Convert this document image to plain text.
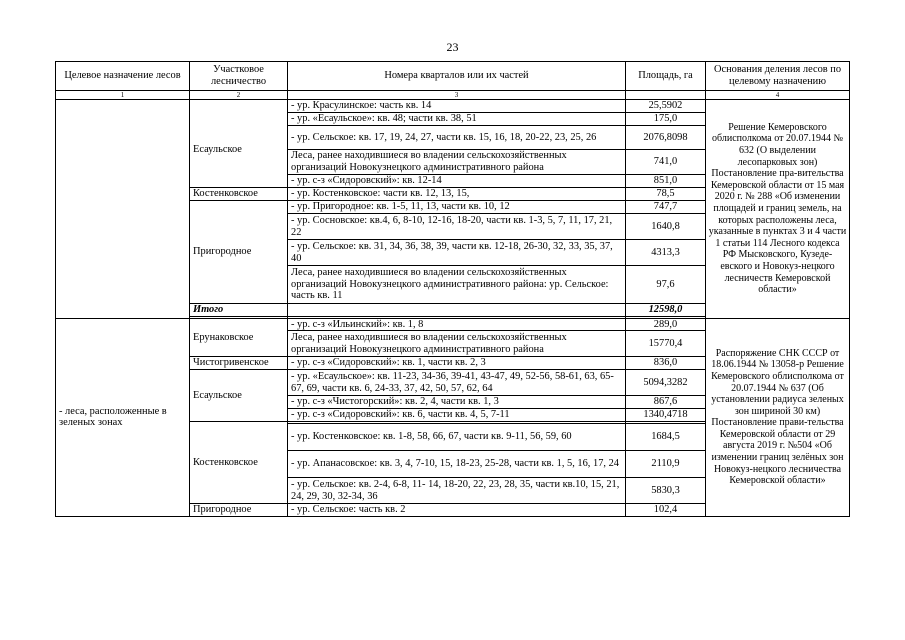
23
Целевое назначение лесов	Участковое лесничество	Номера кварталов или их частей	Площадь, га	Основания деления лесов по целевому назначению
1	2	3		4
		- ур. Красулинское: часть кв. 14	25,5902	Решение Кемеровского облисполкома от 20.07.1944 № 632 (О выделении лесопарковых зон) Постановление пра-вительства Кемеровской области от 15 мая 2020 г. № 288 «Об изменении площадей и границ земель, на которых расположены леса, указанные в пунктах 3 и 4 части 1 статьи 114 Лесного кодекса РФ Мысковского, Кузеде-евского и Новокуз-нецкого лесничеств Кемеровской области»
	Есаульское	- ур. «Есаульское»: кв. 48; части кв. 38, 51	175,0	
		- ур. Сельское: кв. 17, 19, 24, 27, части кв. 15, 16, 18, 20-22, 23, 25, 26	2076,8098	
		Леса, ранее находившиеся во владении сельскохозяйственных организаций Новокузнецкого административного района	741,0	
		- ур. с-з «Сидоровский»: кв. 12-14	851,0	
	Костенковское	- ур. Костенковское: части кв. 12, 13, 15,	78,5	
	Пригородное	- ур. Пригородное: кв. 1-5, 11, 13, части кв. 10, 12	747,7	
		- ур. Сосновское: кв.4, 6, 8-10, 12-16, 18-20, части кв. 1-3, 5, 7, 11, 17, 21, 22	1640,8	
		- ур. Сельское: кв. 31, 34, 36, 38, 39, части кв. 12-18, 26-30, 32, 33, 35, 37, 40	4313,3	
		Леса, ранее находившиеся во владении сельскохозяйственных организаций Новокузнецкого административного района: ур. Сельское: часть кв. 11	97,6	
	Итого		12598,0	

- леса, расположенные в зеленых зонах	Ерунаковское	- ур. с-з «Ильинский»: кв. 1, 8	289,0	Распоряжение СНК СССР от 18.06.1944 № 13058-р Решение Кемеровского облисполкома от 20.07.1944 № 637 (Об установлении радиуса зеленых зон шириной 30 км) Постановление прави-тельства Кемеровской области от 29 августа 2019 г. №504 «Об изменении границ зелёных зон Новокуз-нецкого лесничества Кемеровской области»
		Леса, ранее находившиеся во владении сельскохозяйственных организаций Новокузнецкого административного района	15770,4	
	Чистогривенское	- ур. с-з «Сидоровский»: кв. 1, части кв. 2, 3	836,0	
	Есаульское	- ур. «Есаульское»: кв. 11-23, 34-36, 39-41, 43-47, 49, 52-56, 58-61, 63, 65-67, 69, части кв. 6, 24-33, 37, 42, 50, 57, 62, 64	5094,3282	
		- ур. с-з «Чистогорский»: кв. 2, 4, части кв. 1, 3	867,6	
		- ур. с-з «Сидоровский»: кв. 6, части кв. 4, 5, 7-11	1340,4718	
	Костенковское			
		- ур. Костенковское: кв. 1-8, 58, 66, 67, части кв. 9-11, 56, 59, 60	1684,5	
		- ур. Апанасовское: кв. 3, 4, 7-10, 15, 18-23, 25-28, части кв. 1, 5, 16, 17, 24	2110,9	
		- ур. Сельское: кв. 2-4, 6-8, 11- 14, 18-20, 22, 23, 28, 35, части кв.10, 15, 21, 24, 29, 30, 32-34, 36	5830,3	
	Пригородное	- ур. Сельское: часть кв. 2	102,4	
